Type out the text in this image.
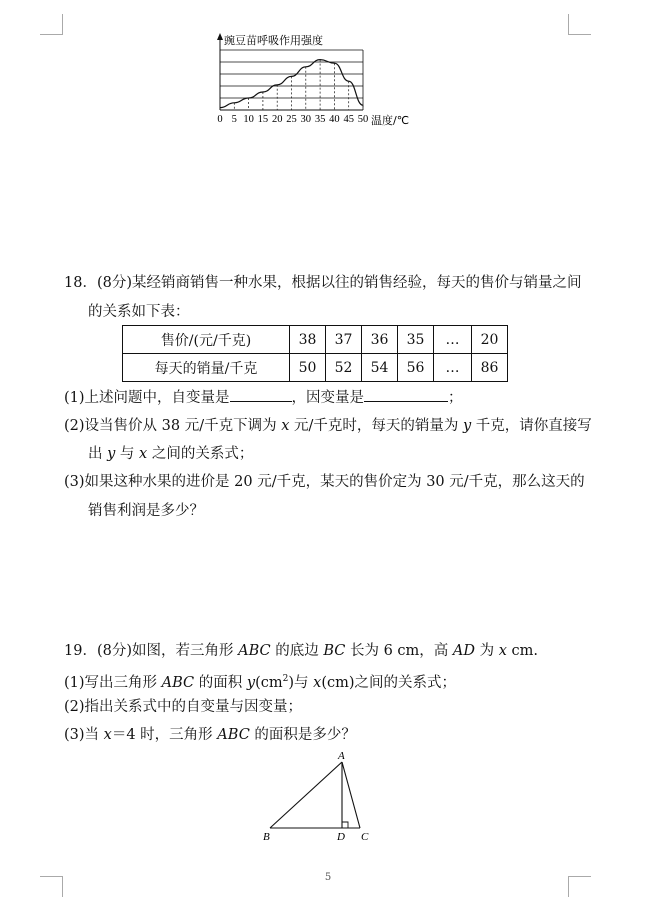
豌豆苗呼吸作用强度
0 5 10 15 20 25 30 35 40 45 50 温度/℃
18．(8分)某经销商销售一种水果，根据以往的销售经验，每天的售价与销量之间
的关系如下表：
售价/(元/千克)	38	37	36	35	…	20
每天的销量/千克	50	52	54	56	…	86
(1)上述问题中，自变量是	，因变量是	；
(2)设当售价从 38 元/千克下调为 x 元/千克时，每天的销量为 y 千克，请你直接写
出 y 与 x 之间的关系式；
(3)如果这种水果的进价是 20 元/千克，某天的售价定为 30 元/千克，那么这天的
销售利润是多少？
19．(8分)如图，若三角形 ABC 的底边 BC 长为 6 cm，高 AD 为 x cm.
(1)写出三角形 ABC 的面积 $y(cm^2)$与 x(cm)之间的关系式；
(2)指出关系式中的自变量与因变量；
(3)当 x＝4 时，三角形 ABC 的面积是多少？
A
B	C
D
5
